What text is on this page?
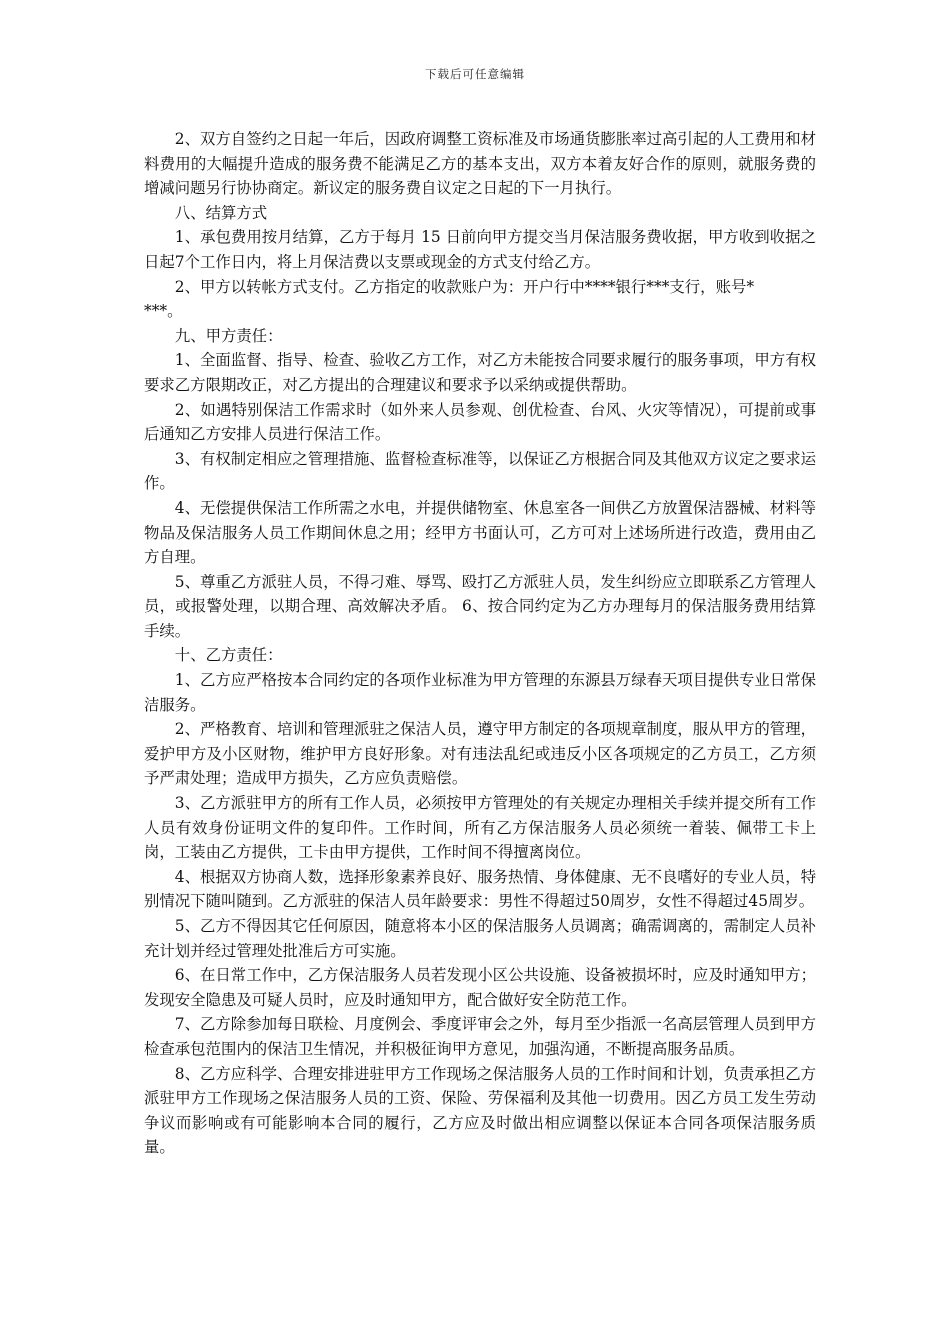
下载后可任意编辑

2、双方自签约之日起一年后，因政府调整工资标准及市场通货膨胀率过高引起的人工费用和材料费用的大幅提升造成的服务费不能满足乙方的基本支出，双方本着友好合作的原则，就服务费的增减问题另行协协商定。新议定的服务费自议定之日起的下一月执行。

八、结算方式

1、承包费用按月结算，乙方于每月 15 日前向甲方提交当月保洁服务费收据，甲方收到收据之日起7个工作日内，将上月保洁费以支票或现金的方式支付给乙方。

2、甲方以转帐方式支付。乙方指定的收款账户为：开户行中****银行***支行，账号*
***。

九、甲方责任：

1、全面监督、指导、检查、验收乙方工作，对乙方未能按合同要求履行的服务事项，甲方有权要求乙方限期改正，对乙方提出的合理建议和要求予以采纳或提供帮助。

2、如遇特别保洁工作需求时（如外来人员参观、创优检查、台风、火灾等情况），可提前或事后通知乙方安排人员进行保洁工作。

3、有权制定相应之管理措施、监督检查标准等，以保证乙方根据合同及其他双方议定之要求运作。

4、无偿提供保洁工作所需之水电，并提供储物室、休息室各一间供乙方放置保洁器械、材料等物品及保洁服务人员工作期间休息之用；经甲方书面认可，乙方可对上述场所进行改造，费用由乙方自理。

5、尊重乙方派驻人员，不得刁难、辱骂、殴打乙方派驻人员，发生纠纷应立即联系乙方管理人员，或报警处理，以期合理、高效解决矛盾。 6、按合同约定为乙方办理每月的保洁服务费用结算手续。

十、乙方责任：

1、乙方应严格按本合同约定的各项作业标准为甲方管理的东源县万绿春天项目提供专业日常保洁服务。

2、严格教育、培训和管理派驻之保洁人员，遵守甲方制定的各项规章制度，服从甲方的管理，爱护甲方及小区财物，维护甲方良好形象。对有违法乱纪或违反小区各项规定的乙方员工，乙方须予严肃处理；造成甲方损失，乙方应负责赔偿。

3、乙方派驻甲方的所有工作人员，必须按甲方管理处的有关规定办理相关手续并提交所有工作人员有效身份证明文件的复印件。工作时间，所有乙方保洁服务人员必须统一着装、佩带工卡上岗，工装由乙方提供，工卡由甲方提供，工作时间不得擅离岗位。

4、根据双方协商人数，选择形象素养良好、服务热情、身体健康、无不良嗜好的专业人员，特别情况下随叫随到。乙方派驻的保洁人员年龄要求：男性不得超过50周岁，女性不得超过45周岁。

5、乙方不得因其它任何原因，随意将本小区的保洁服务人员调离；确需调离的，需制定人员补充计划并经过管理处批准后方可实施。

6、在日常工作中，乙方保洁服务人员若发现小区公共设施、设备被损坏时，应及时通知甲方；发现安全隐患及可疑人员时，应及时通知甲方，配合做好安全防范工作。

7、乙方除参加每日联检、月度例会、季度评审会之外，每月至少指派一名高层管理人员到甲方检查承包范围内的保洁卫生情况，并积极征询甲方意见，加强沟通，不断提高服务品质。

8、乙方应科学、合理安排进驻甲方工作现场之保洁服务人员的工作时间和计划，负责承担乙方派驻甲方工作现场之保洁服务人员的工资、保险、劳保福利及其他一切费用。因乙方员工发生劳动争议而影响或有可能影响本合同的履行，乙方应及时做出相应调整以保证本合同各项保洁服务质量。
